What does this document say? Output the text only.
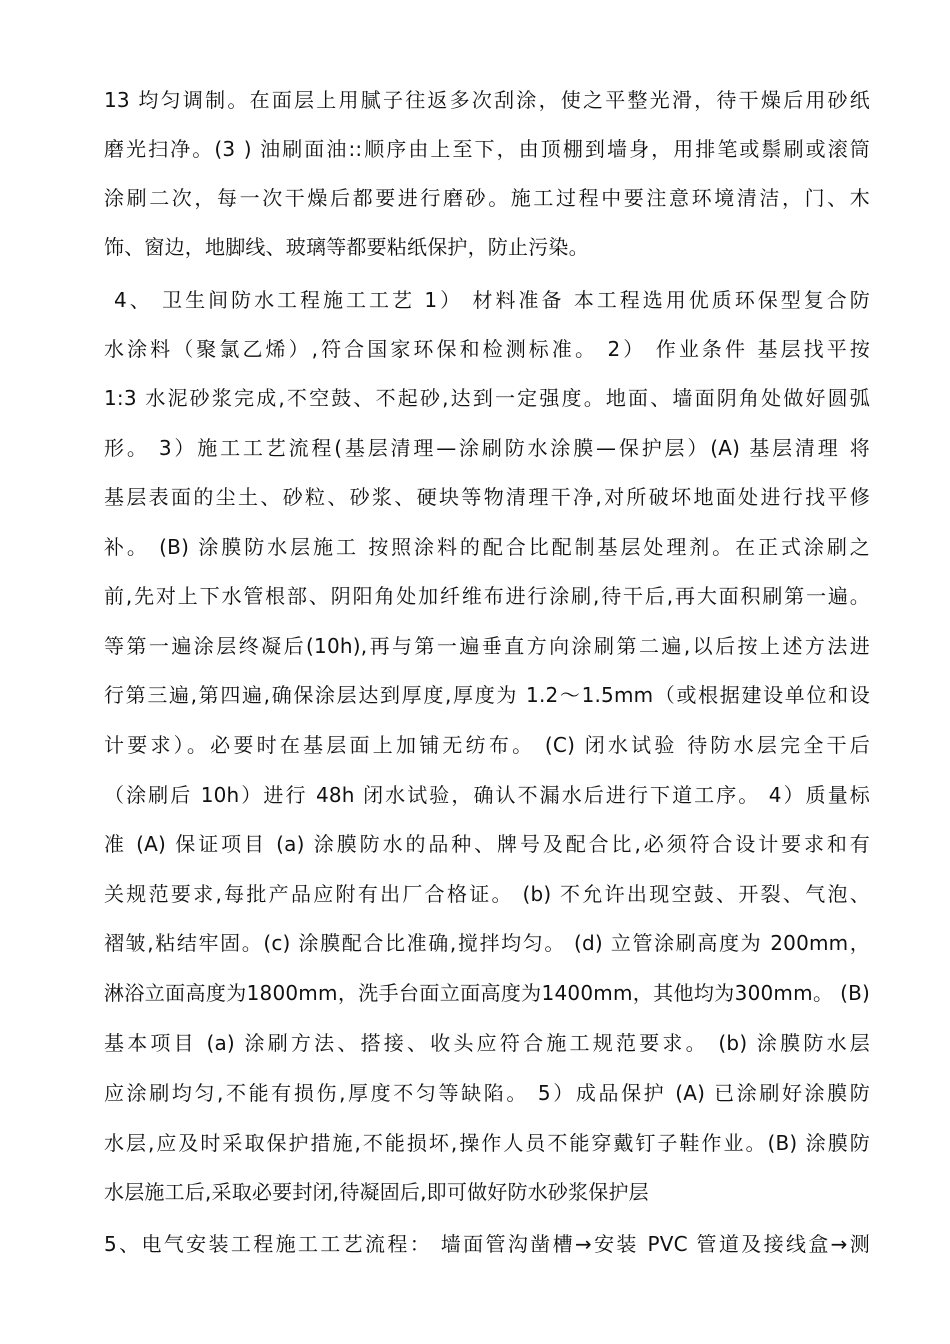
13 均匀调制。在面层上用腻子往返多次刮涂，使之平整光滑，待干燥后用砂纸
磨光扫净。(3 ) 油刷面油::顺序由上至下，由顶棚到墙身，用排笔或鬃刷或滚筒
涂刷二次，每一次干燥后都要进行磨砂。施工过程中要注意环境清洁，门、木
饰、窗边，地脚线、玻璃等都要粘纸保护，防止污染。
4、 卫生间防水工程施工工艺 1） 材料准备 本工程选用优质环保型复合防
水涂料（聚氯乙烯）,符合国家环保和检测标准。 2） 作业条件 基层找平按
1:3 水泥砂浆完成,不空鼓、不起砂,达到一定强度。地面、墙面阴角处做好圆弧
形。 3）施工工艺流程(基层清理—涂刷防水涂膜—保护层）(A) 基层清理 将
基层表面的尘土、砂粒、砂浆、硬块等物清理干净,对所破坏地面处进行找平修
补。 (B) 涂膜防水层施工 按照涂料的配合比配制基层处理剂。在正式涂刷之
前,先对上下水管根部、阴阳角处加纤维布进行涂刷,待干后,再大面积刷第一遍。
等第一遍涂层终凝后(10h),再与第一遍垂直方向涂刷第二遍,以后按上述方法进
行第三遍,第四遍,确保涂层达到厚度,厚度为 1.2～1.5mm（或根据建设单位和设
计要求）。必要时在基层面上加铺无纺布。 (C) 闭水试验 待防水层完全干后
（涂刷后 10h）进行 48h 闭水试验，确认不漏水后进行下道工序。 4）质量标
准 (A) 保证项目 (a) 涂膜防水的品种、牌号及配合比,必须符合设计要求和有
关规范要求,每批产品应附有出厂合格证。 (b) 不允许出现空鼓、开裂、气泡、
褶皱,粘结牢固。(c) 涂膜配合比准确,搅拌均匀。 (d) 立管涂刷高度为 200mm，
淋浴立面高度为1800mm，洗手台面立面高度为1400mm，其他均为300mm。 (B)
基本项目 (a) 涂刷方法、搭接、收头应符合施工规范要求。 (b) 涂膜防水层
应涂刷均匀,不能有损伤,厚度不匀等缺陷。 5）成品保护 (A) 已涂刷好涂膜防
水层,应及时采取保护措施,不能损坏,操作人员不能穿戴钉子鞋作业。(B) 涂膜防
水层施工后,采取必要封闭,待凝固后,即可做好防水砂浆保护层
5、电气安装工程施工工艺流程： 墙面管沟凿槽→安装 PVC 管道及接线盒→测
